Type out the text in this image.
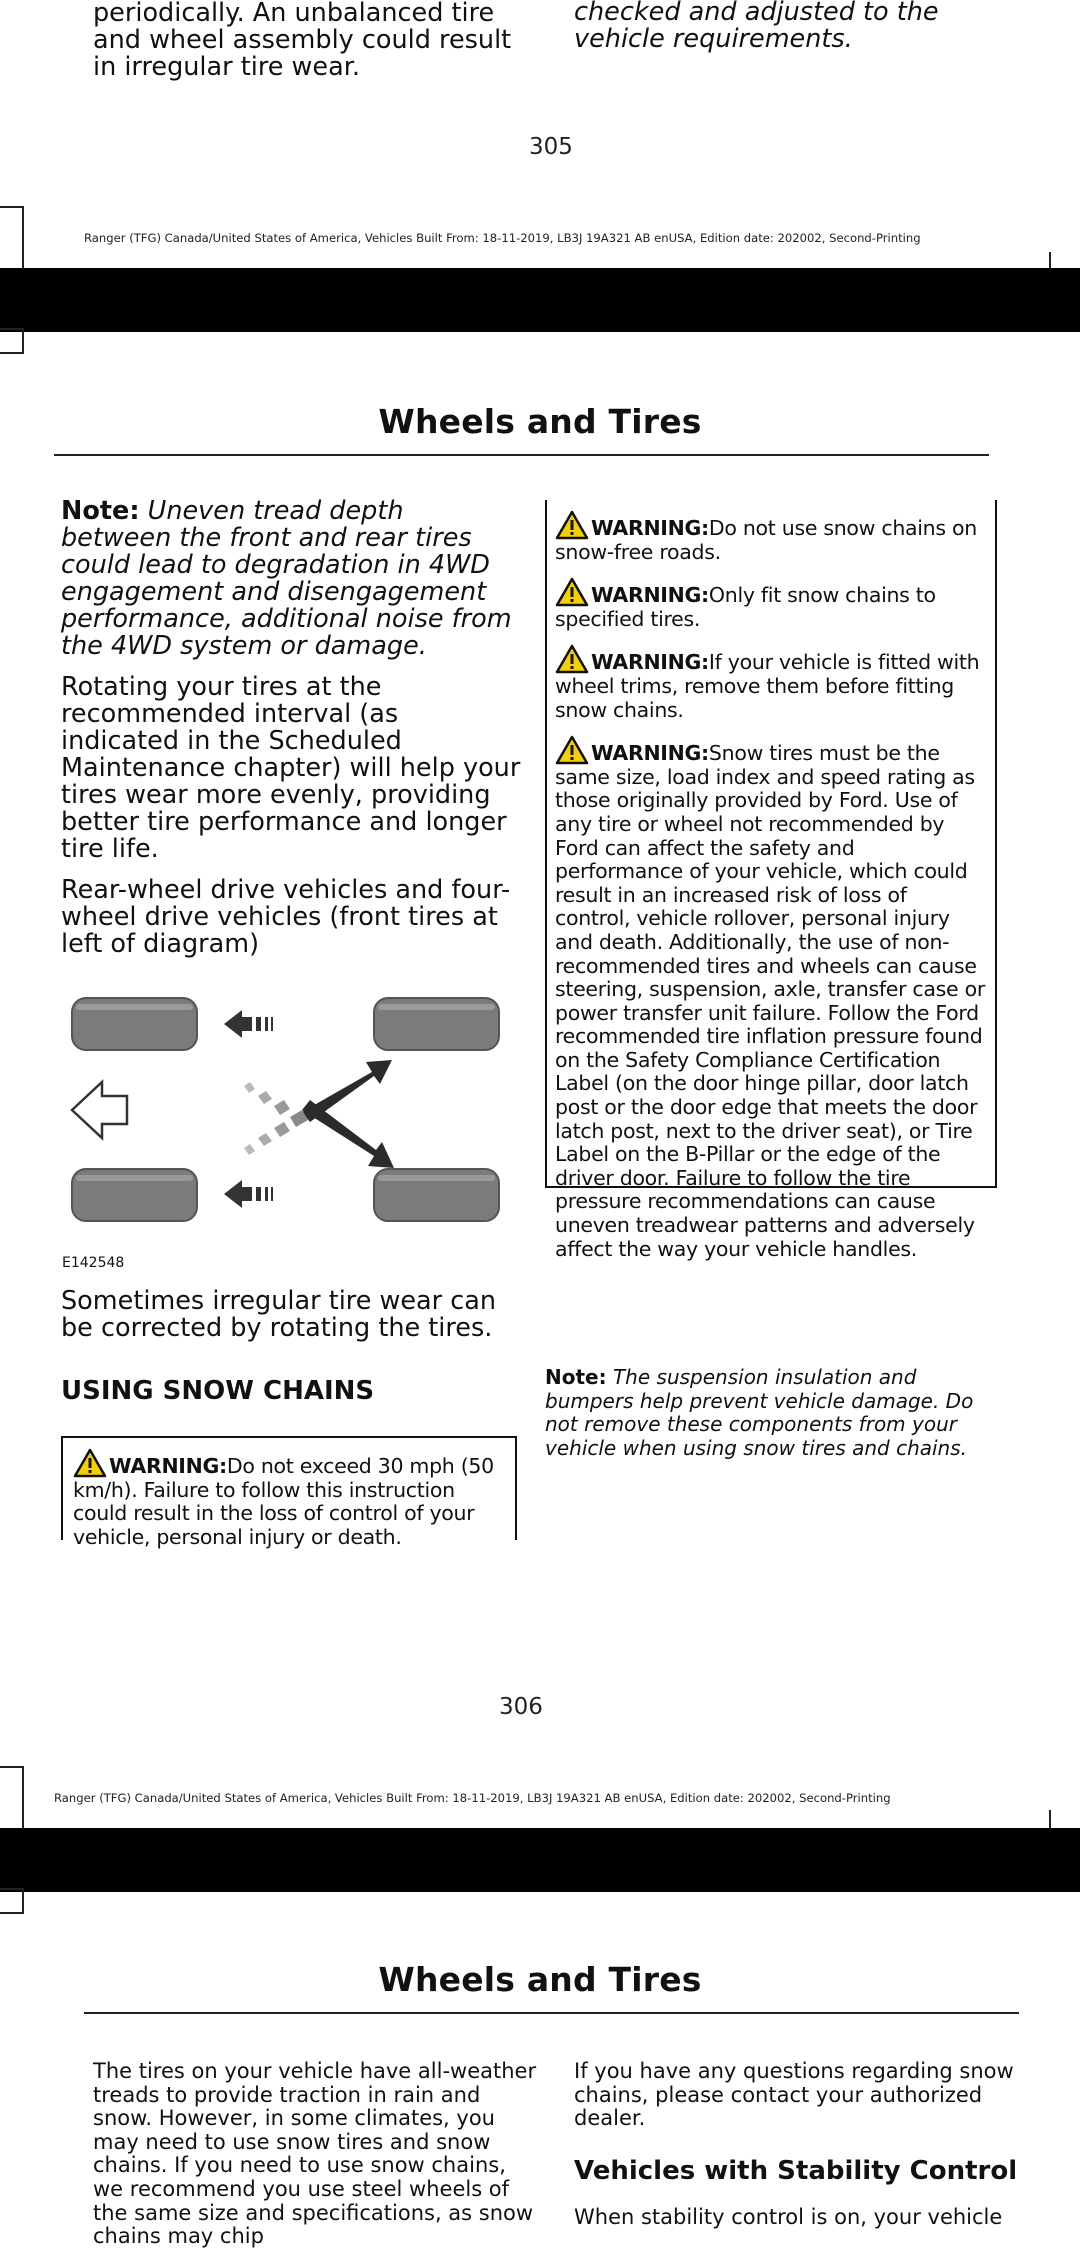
periodically. An unbalanced tire and wheel assembly could result in irregular tire wear.
checked and adjusted to the vehicle requirements.
305
Ranger (TFG) Canada/United States of America, Vehicles Built From: 18-11-2019, LB3J 19A321 AB enUSA, Edition date: 202002, Second-Printing
Wheels and Tires
Note: Uneven tread depth between the front and rear tires could lead to degradation in 4WD engagement and disengagement performance, additional noise from the 4WD system or damage.
Rotating your tires at the recommended interval (as indicated in the Scheduled Maintenance chapter) will help your tires wear more evenly, providing better tire performance and longer tire life.
Rear-wheel drive vehicles and four-wheel drive vehicles (front tires at left of diagram)
E142548
Sometimes irregular tire wear can be corrected by rotating the tires.
USING SNOW CHAINS
WARNING:Do not exceed 30 mph (50 km/h). Failure to follow this instruction could result in the loss of control of your vehicle, personal injury or death.
WARNING:Do not use snow chains on snow-free roads.
WARNING:Only fit snow chains to specified tires.
WARNING:If your vehicle is fitted with wheel trims, remove them before fitting snow chains.
WARNING:Snow tires must be the same size, load index and speed rating as those originally provided by Ford. Use of any tire or wheel not recommended by Ford can affect the safety and performance of your vehicle, which could result in an increased risk of loss of control, vehicle rollover, personal injury and death. Additionally, the use of non-recommended tires and wheels can cause steering, suspension, axle, transfer case or power transfer unit failure. Follow the Ford recommended tire inflation pressure found on the Safety Compliance Certification Label (on the door hinge pillar, door latch post or the door edge that meets the door latch post, next to the driver seat), or Tire Label on the B-Pillar or the edge of the driver door. Failure to follow the tire pressure recommendations can cause uneven treadwear patterns and adversely affect the way your vehicle handles.
Note: The suspension insulation and bumpers help prevent vehicle damage. Do not remove these components from your vehicle when using snow tires and chains.
306
Ranger (TFG) Canada/United States of America, Vehicles Built From: 18-11-2019, LB3J 19A321 AB enUSA, Edition date: 202002, Second-Printing
Wheels and Tires
The tires on your vehicle have all-weather treads to provide traction in rain and snow. However, in some climates, you may need to use snow tires and snow chains. If you need to use snow chains, we recommend you use steel wheels of the same size and specifications, as snow chains may chip
If you have any questions regarding snow chains, please contact your authorized dealer.
Vehicles with Stability Control
When stability control is on, your vehicle
